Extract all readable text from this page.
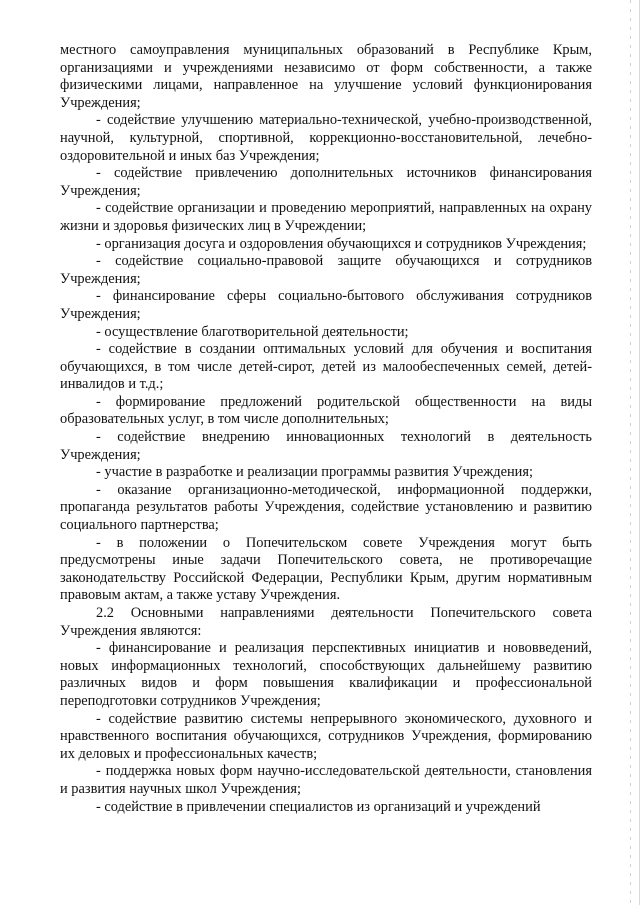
местного самоуправления муниципальных образований в Республике Крым, организациями и учреждениями независимо от форм собственности, а также физическими лицами, направленное на улучшение условий функционирования Учреждения;

- содействие улучшению материально-технической, учебно-производственной, научной, культурной, спортивной, коррекционно-восстановительной, лечебно-оздоровительной и иных баз Учреждения;

- содействие привлечению дополнительных источников финансирования Учреждения;

- содействие организации и проведению мероприятий, направленных на охрану жизни и здоровья физических лиц в Учреждении;

- организация досуга и оздоровления обучающихся и сотрудников Учреждения;

- содействие социально-правовой защите обучающихся и сотрудников Учреждения;

- финансирование сферы социально-бытового обслуживания сотрудников Учреждения;

- осуществление благотворительной деятельности;

- содействие в создании оптимальных условий для обучения и воспитания обучающихся, в том числе детей-сирот, детей из малообеспеченных семей, детей-инвалидов и т.д.;

- формирование предложений родительской общественности на виды образовательных услуг, в том числе дополнительных;

- содействие внедрению инновационных технологий в деятельность Учреждения;

- участие в разработке и реализации программы развития Учреждения;

- оказание организационно-методической, информационной поддержки, пропаганда результатов работы Учреждения, содействие установлению и развитию социального партнерства;

- в положении о Попечительском совете Учреждения могут быть предусмотрены иные задачи Попечительского совета, не противоречащие законодательству Российской Федерации, Республики Крым, другим нормативным правовым актам, а также уставу Учреждения.

2.2 Основными направлениями деятельности Попечительского совета Учреждения являются:

- финансирование и реализация перспективных инициатив и нововведений, новых информационных технологий, способствующих дальнейшему развитию различных видов и форм повышения квалификации и профессиональной переподготовки сотрудников Учреждения;

- содействие развитию системы непрерывного экономического, духовного и нравственного воспитания обучающихся, сотрудников Учреждения, формированию их деловых и профессиональных качеств;

- поддержка новых форм научно-исследовательской деятельности, становления и развития научных школ Учреждения;

- содействие в привлечении специалистов из организаций и учреждений
